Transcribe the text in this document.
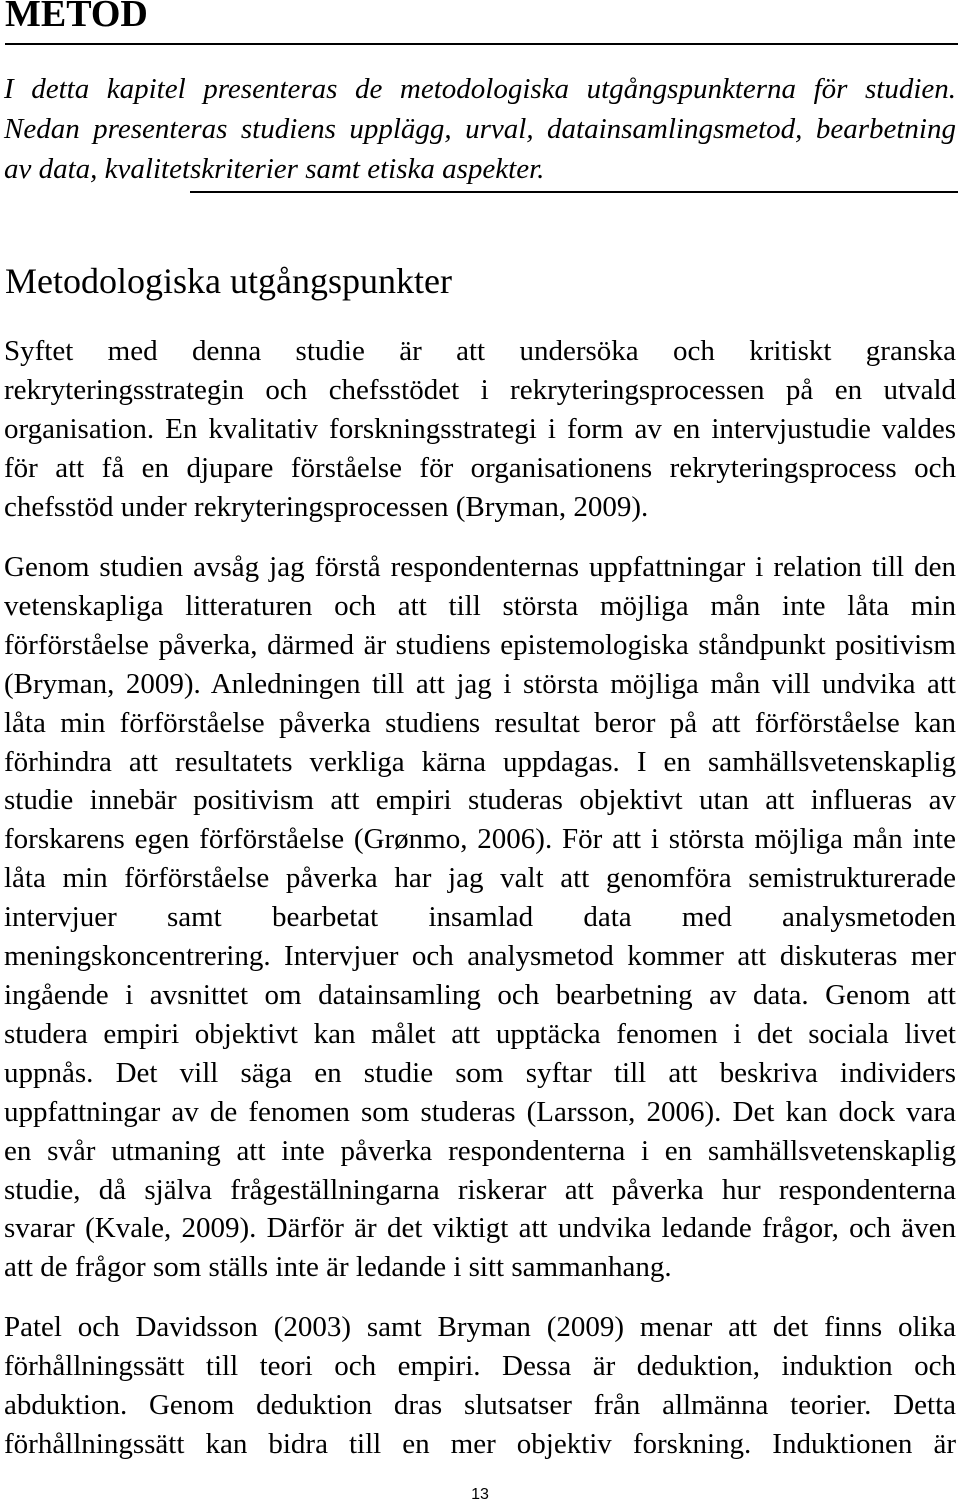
METOD
I detta kapitel presenteras de metodologiska utgångspunkterna för studien.
Nedan presenteras studiens upplägg, urval, datainsamlingsmetod, bearbetning
av data, kvalitetskriterier samt etiska aspekter.
Metodologiska utgångspunkter
Syftet med denna studie är att undersöka och kritiskt granska
rekryteringsstrategin och chefsstödet i rekryteringsprocessen på en utvald
organisation. En kvalitativ forskningsstrategi i form av en intervjustudie valdes
för att få en djupare förståelse för organisationens rekryteringsprocess och
chefsstöd under rekryteringsprocessen (Bryman, 2009).
Genom studien avsåg jag förstå respondenternas uppfattningar i relation till den
vetenskapliga litteraturen och att till största möjliga mån inte låta min
förförståelse påverka, därmed är studiens epistemologiska ståndpunkt positivism
(Bryman, 2009). Anledningen till att jag i största möjliga mån vill undvika att
låta min förförståelse påverka studiens resultat beror på att förförståelse kan
förhindra att resultatets verkliga kärna uppdagas. I en samhällsvetenskaplig
studie innebär positivism att empiri studeras objektivt utan att influeras av
forskarens egen förförståelse (Grønmo, 2006). För att i största möjliga mån inte
låta min förförståelse påverka har jag valt att genomföra semistrukturerade
intervjuer samt bearbetat insamlad data med analysmetoden
meningskoncentrering. Intervjuer och analysmetod kommer att diskuteras mer
ingående i avsnittet om datainsamling och bearbetning av data. Genom att
studera empiri objektivt kan målet att upptäcka fenomen i det sociala livet
uppnås. Det vill säga en studie som syftar till att beskriva individers
uppfattningar av de fenomen som studeras (Larsson, 2006). Det kan dock vara
en svår utmaning att inte påverka respondenterna i en samhällsvetenskaplig
studie, då själva frågeställningarna riskerar att påverka hur respondenterna
svarar (Kvale, 2009). Därför är det viktigt att undvika ledande frågor, och även
att de frågor som ställs inte är ledande i sitt sammanhang.
Patel och Davidsson (2003) samt Bryman (2009) menar att det finns olika
förhållningssätt till teori och empiri. Dessa är deduktion, induktion och
abduktion. Genom deduktion dras slutsatser från allmänna teorier. Detta
förhållningssätt kan bidra till en mer objektiv forskning. Induktionen är
13
